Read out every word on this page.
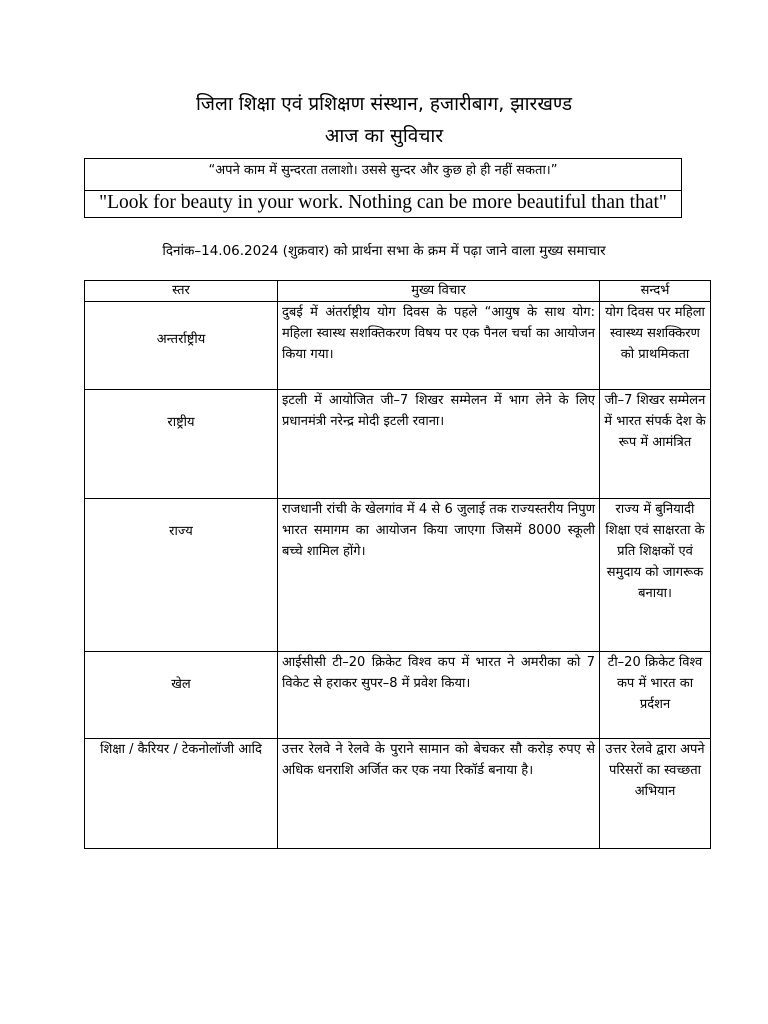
जिला शिक्षा एवं प्रशिक्षण संस्थान, हजारीबाग, झारखण्ड
आज का सुविचार
“अपने काम में सुन्दरता तलाशो। उससे सुन्दर और कुछ हो ही नहीं सकता।”
"Look for beauty in your work. Nothing can be more beautiful than that"
दिनांक–14.06.2024 (शुक्रवार) को प्रार्थना सभा के क्रम में पढ़ा जाने वाला मुख्य समाचार
स्तर	मुख्य विचार	सन्दर्भ
अन्तर्राष्ट्रीय	दुबई में अंतर्राष्ट्रीय योग दिवस के पहले “आयुष के साथ योग: महिला स्वास्थ सशक्तिकरण विषय पर एक पैनल चर्चा का आयोजन किया गया।	योग दिवस पर महिला स्वास्थ्य सशक्किरण को प्राथमिकता
राष्ट्रीय	इटली में आयोजित जी–7 शिखर सम्मेलन में भाग लेने के लिए प्रधानमंत्री नरेन्द्र मोदी इटली रवाना।	जी–7 शिखर सम्मेलन में भारत संपर्क देश के रूप में आमंत्रित
राज्य	राजधानी रांची के खेलगांव में 4 से 6 जुलाई तक राज्यस्तरीय निपुण भारत समागम का आयोजन किया जाएगा जिसमें 8000 स्कूली बच्चे शामिल होंगे।	राज्य में बुनियादी शिक्षा एवं साक्षरता के प्रति शिक्षकों एवं समुदाय को जागरूक बनाया।
खेल	आईसीसी टी–20 क्रिकेट विश्व कप में भारत ने अमरीका को 7 विकेट से हराकर सुपर–8 में प्रवेश किया।	टी–20 क्रिकेट विश्व कप में भारत का प्रर्दशन
शिक्षा / कैरियर / टेकनोलॉजी आदि	उत्तर रेलवे ने रेलवे के पुराने सामान को बेचकर सौ करोड़ रुपए से अधिक धनराशि अर्जित कर एक नया रिकॉर्ड बनाया है।	उत्तर रेलवे द्वारा अपने परिसरों का स्वच्छता अभियान
